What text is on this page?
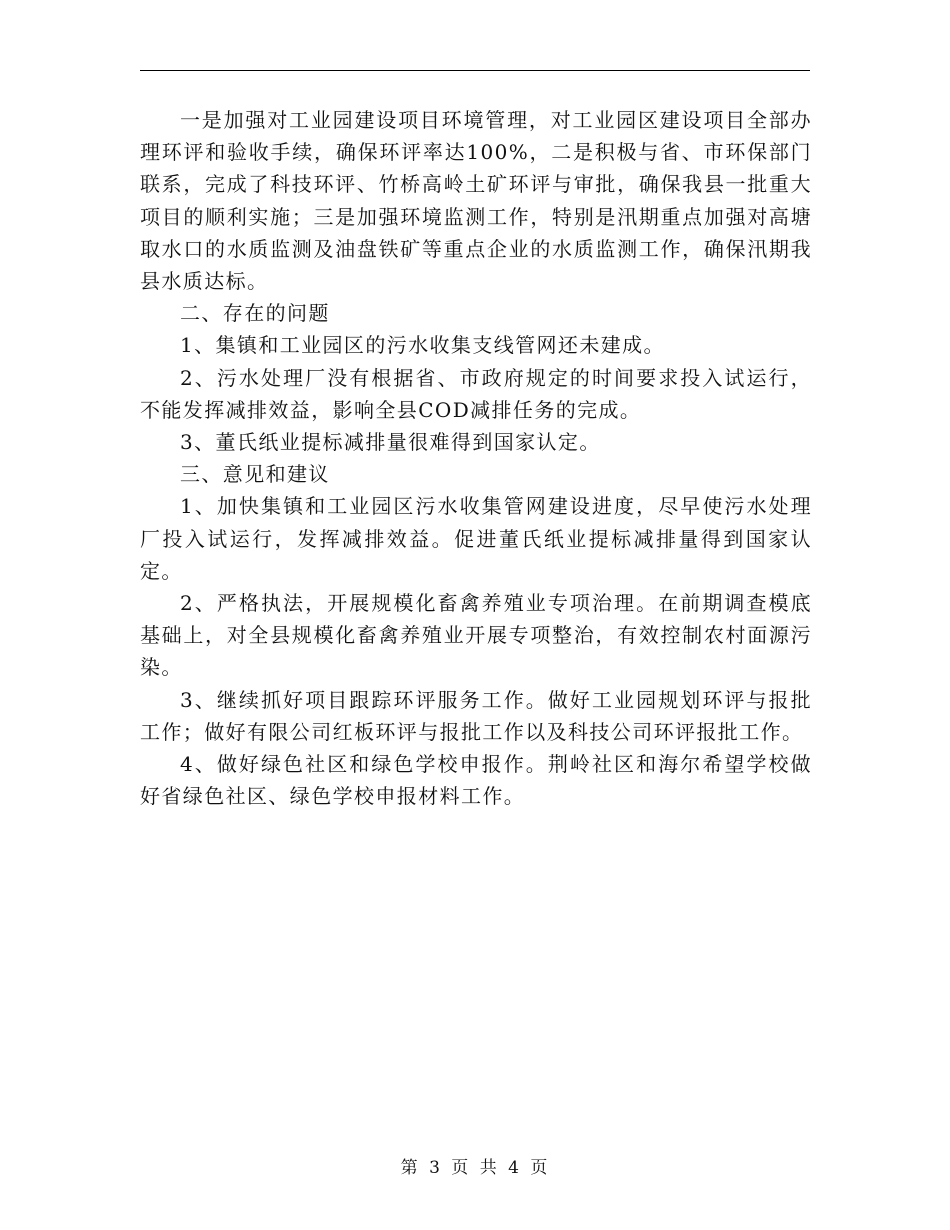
一是加强对工业园建设项目环境管理，对工业园区建设项目全部办理环评和验收手续，确保环评率达100%，二是积极与省、市环保部门联系，完成了科技环评、竹桥高岭土矿环评与审批，确保我县一批重大项目的顺利实施；三是加强环境监测工作，特别是汛期重点加强对高塘取水口的水质监测及油盘铁矿等重点企业的水质监测工作，确保汛期我县水质达标。

二、存在的问题

1、集镇和工业园区的污水收集支线管网还未建成。

2、污水处理厂没有根据省、市政府规定的时间要求投入试运行，不能发挥减排效益，影响全县COD减排任务的完成。

3、董氏纸业提标减排量很难得到国家认定。

三、意见和建议

1、加快集镇和工业园区污水收集管网建设进度，尽早使污水处理厂投入试运行，发挥减排效益。促进董氏纸业提标减排量得到国家认定。

2、严格执法，开展规模化畜禽养殖业专项治理。在前期调查模底基础上，对全县规模化畜禽养殖业开展专项整治，有效控制农村面源污染。

3、继续抓好项目跟踪环评服务工作。做好工业园规划环评与报批工作；做好有限公司红板环评与报批工作以及科技公司环评报批工作。

4、做好绿色社区和绿色学校申报作。荆岭社区和海尔希望学校做好省绿色社区、绿色学校申报材料工作。

第 3 页 共 4 页
